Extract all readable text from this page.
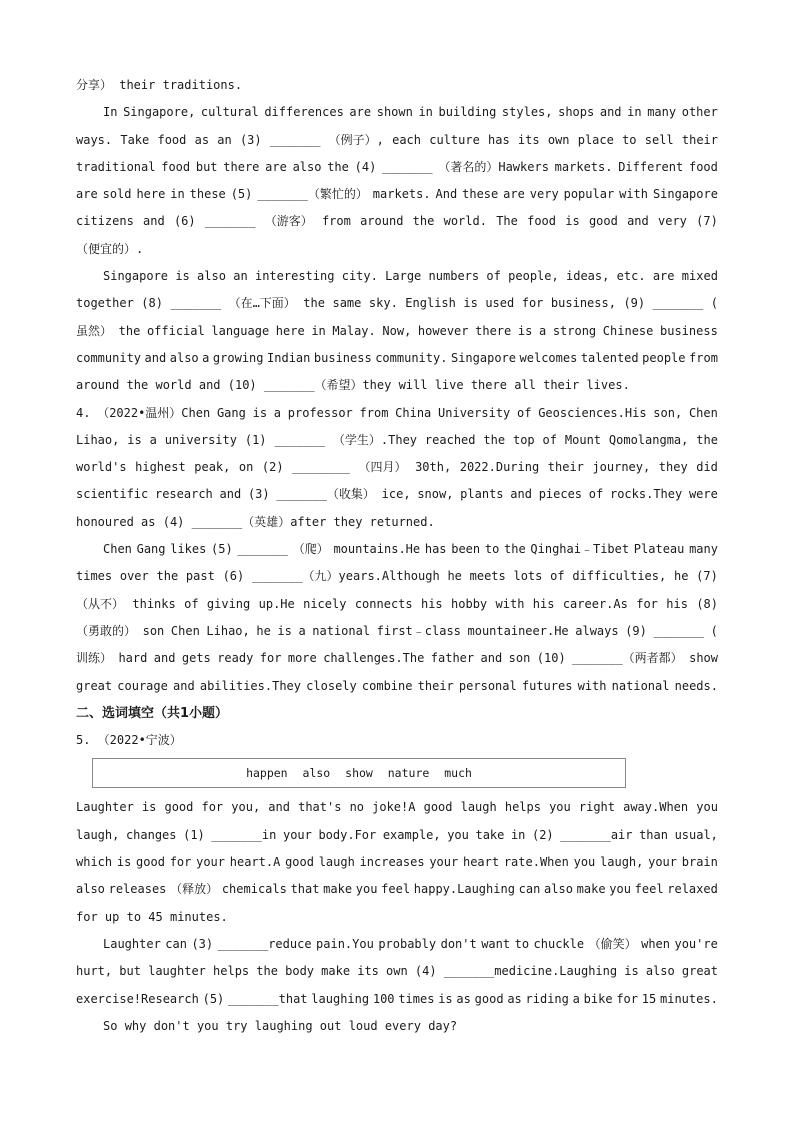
分享） their traditions.
In Singapore, cultural differences are shown in building styles, shops and in many other
ways. Take food as an (3) _______ （例子）, each culture has its own place to sell their
traditional food but there are also the (4) _______ （著名的）Hawkers markets. Different food
are sold here in these (5) _______（繁忙的） markets. And these are very popular with Singapore
citizens and (6) _______ （游客） from around the world. The food is good and very (7)
（便宜的）.
Singapore is also an interesting city. Large numbers of people, ideas, etc. are mixed
together (8) _______ （在…下面） the same sky. English is used for business, (9) _______ (
虽然） the official language here in Malay. Now, however there is a strong Chinese business
community and also a growing Indian business community. Singapore welcomes talented people from
around the world and (10) _______（希望）they will live there all their lives.
4. （2022•温州）Chen Gang is a professor from China University of Geosciences.His son, Chen
Lihao, is a university (1) _______ （学生）.They reached the top of Mount Qomolangma, the
world's highest peak, on (2) ________ （四月） 30th, 2022.During their journey, they did
scientific research and (3) _______（收集） ice, snow, plants and pieces of rocks.They were
honoured as (4) _______（英雄）after they returned.
Chen Gang likes (5) _______ （爬） mountains.He has been to the Qinghai﹣Tibet Plateau many
times over the past (6) _______（九）years.Although he meets lots of difficulties, he (7)
（从不） thinks of giving up.He nicely connects his hobby with his career.As for his (8)
（勇敢的） son Chen Lihao, he is a national first﹣class mountaineer.He always (9) _______ (
训练） hard and gets ready for more challenges.The father and son (10) _______（两者都） show
great courage and abilities.They closely combine their personal futures with national needs.
二、选词填空（共1小题）
5. （2022•宁波）
happen also show nature much
Laughter is good for you, and that's no joke!A good laugh helps you right away.When you
laugh, changes (1) _______in your body.For example, you take in (2) _______air than usual,
which is good for your heart.A good laugh increases your heart rate.When you laugh, your brain
also releases （释放） chemicals that make you feel happy.Laughing can also make you feel relaxed
for up to 45 minutes.
Laughter can (3) _______reduce pain.You probably don't want to chuckle （偷笑） when you're
hurt, but laughter helps the body make its own (4) _______medicine.Laughing is also great
exercise!Research (5) _______that laughing 100 times is as good as riding a bike for 15 minutes.
So why don't you try laughing out loud every day?
